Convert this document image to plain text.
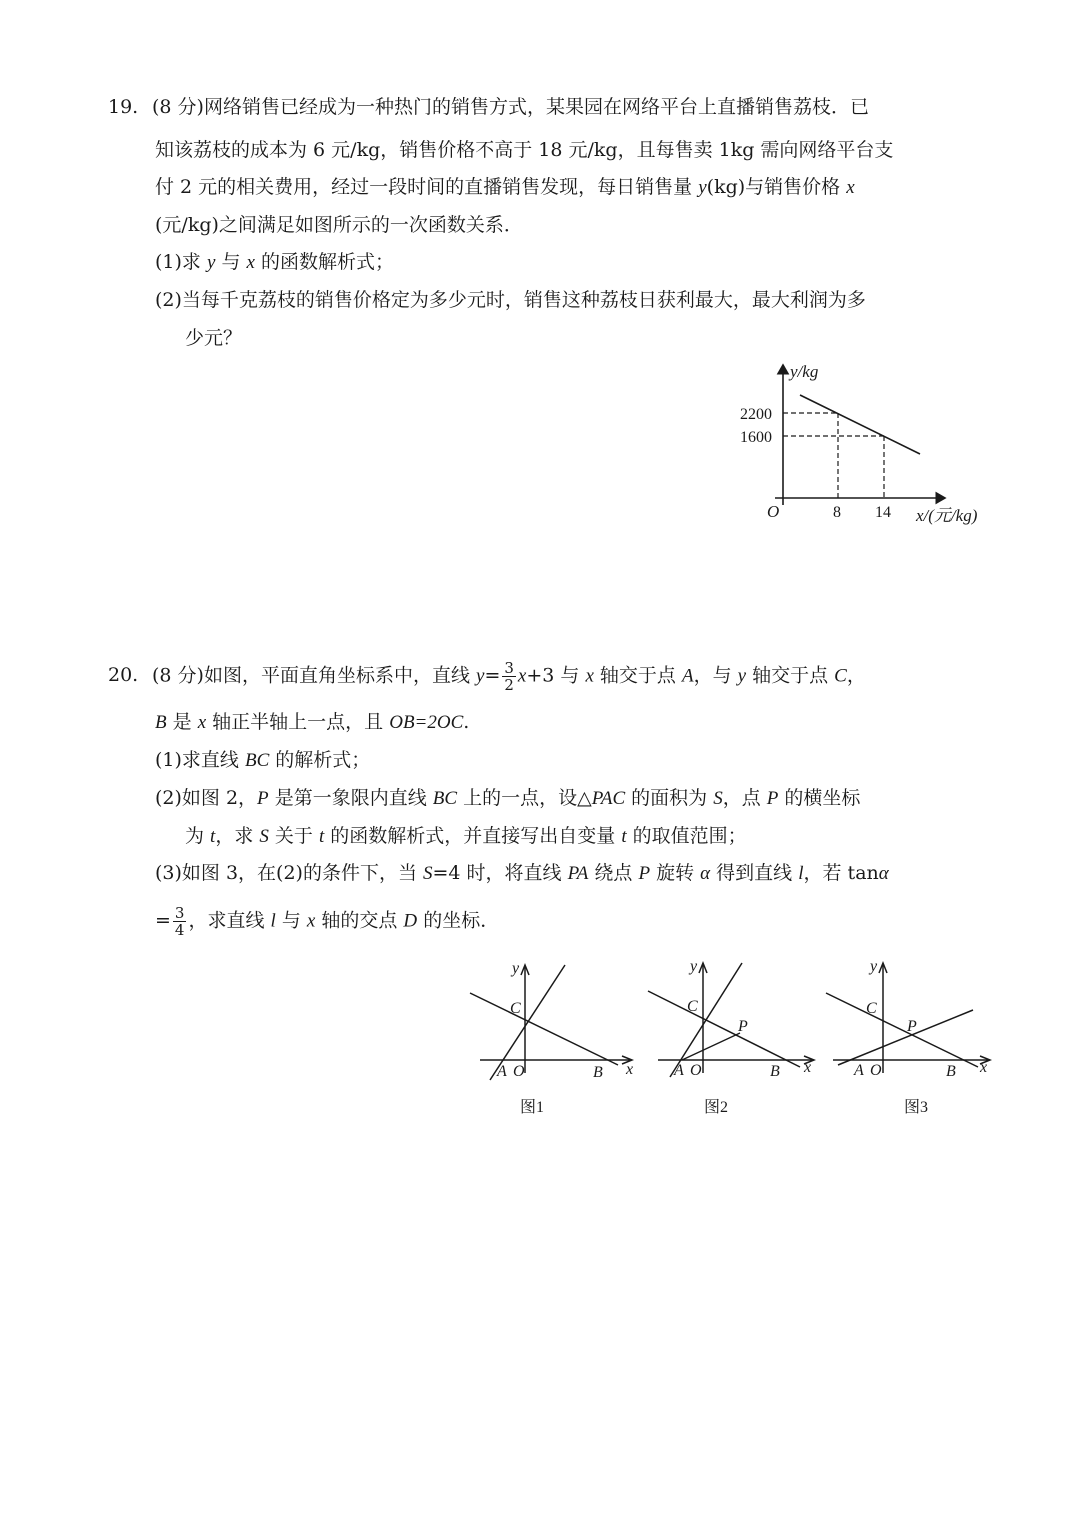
19. (8 分)网络销售已经成为一种热门的销售方式，某果园在网络平台上直播销售荔枝．已
知该荔枝的成本为 6 元/kg，销售价格不高于 18 元/kg，且每售卖 1kg 需向网络平台支
付 2 元的相关费用，经过一段时间的直播销售发现，每日销售量 y(kg)与销售价格 x
(元/kg)之间满足如图所示的一次函数关系．
(1)求 y 与 x 的函数解析式；
(2)当每千克荔枝的销售价格定为多少元时，销售这种荔枝日获利最大，最大利润为多
少元？
y/kg
2200
1600
O	8 14 x/(元/kg)
20. (8 分)如图，平面直角坐标系中，直线 $y= \frac{3}{2} x+3$ 与 x 轴交于点 A，与 y 轴交于点 C，
B 是 x 轴正半轴上一点，且 OB=2OC.
(1)求直线 BC 的解析式；
(2)如图 2，P 是第一象限内直线 BC 上的一点，设△PAC 的面积为 S，点 P 的横坐标
为 t，求 S 关于 t 的函数解析式，并直接写出自变量 t 的取值范围；
(3)如图 3，在(2)的条件下，当 S=4 时，将直线 PA 绕点 P 旋转 α 得到直线 l，若 tanα
= $\frac{3}{4}$ ，求直线 l 与 x 轴的交点 D 的坐标．
y
C
A O	B x
图1
y
C
P
A O	B x
图2
y
C
P
A O	B x
图3
